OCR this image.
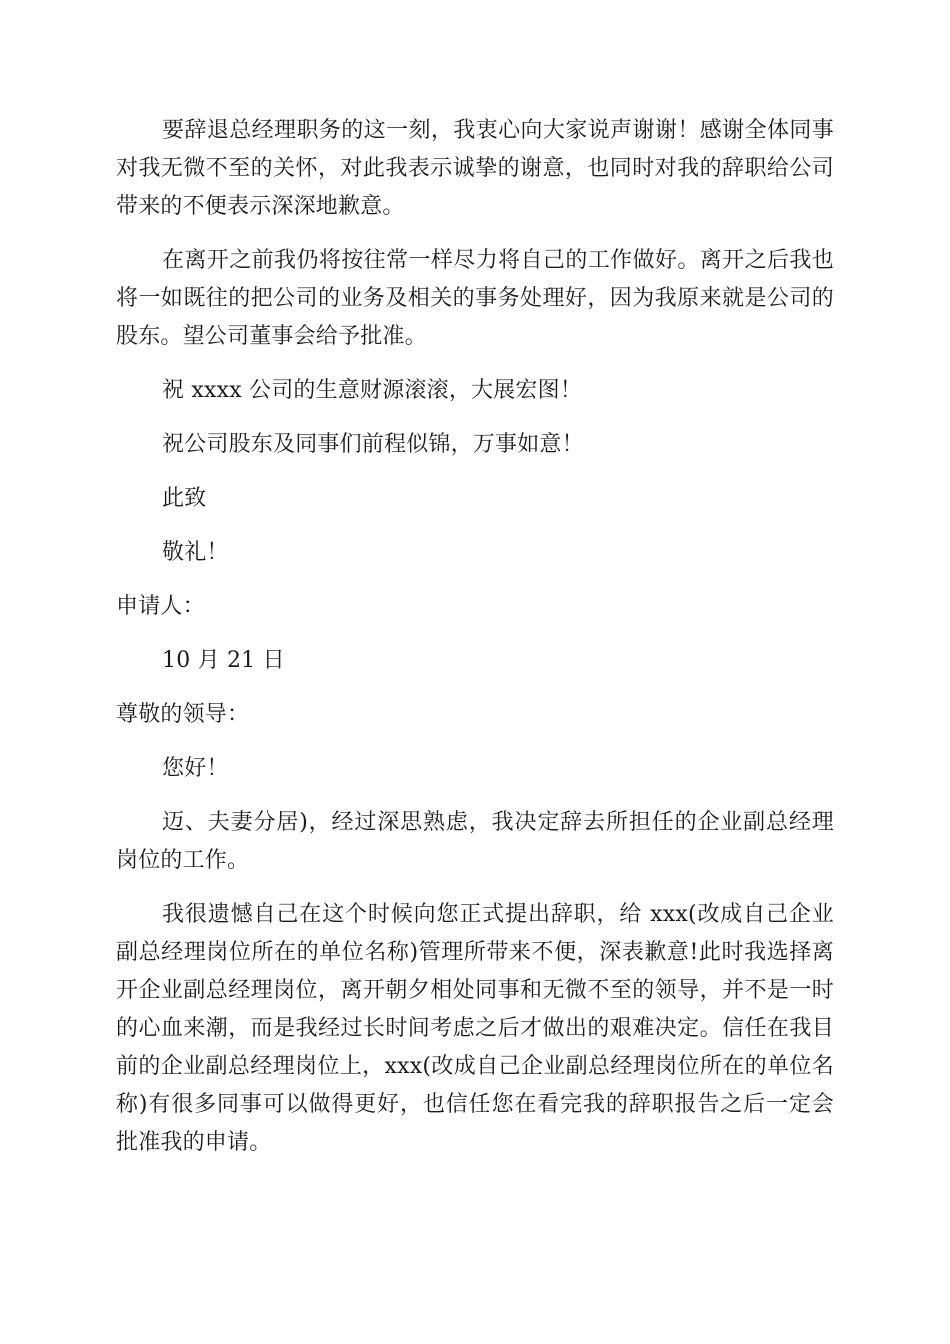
要辞退总经理职务的这一刻，我衷心向大家说声谢谢！感谢全体同事对我无微不至的关怀，对此我表示诚挚的谢意，也同时对我的辞职给公司带来的不便表示深深地歉意。

在离开之前我仍将按往常一样尽力将自己的工作做好。离开之后我也将一如既往的把公司的业务及相关的事务处理好，因为我原来就是公司的股东。望公司董事会给予批准。

祝 xxxx 公司的生意财源滚滚，大展宏图！

祝公司股东及同事们前程似锦，万事如意！

此致

敬礼！

申请人：

10 月 21 日

尊敬的领导：

您好！

迈、夫妻分居)，经过深思熟虑，我决定辞去所担任的企业副总经理岗位的工作。

我很遗憾自己在这个时候向您正式提出辞职，给 xxx(改成自己企业副总经理岗位所在的单位名称)管理所带来不便，深表歉意!此时我选择离开企业副总经理岗位，离开朝夕相处同事和无微不至的领导，并不是一时的心血来潮，而是我经过长时间考虑之后才做出的艰难决定。信任在我目前的企业副总经理岗位上，xxx(改成自己企业副总经理岗位所在的单位名称)有很多同事可以做得更好，也信任您在看完我的辞职报告之后一定会批准我的申请。
